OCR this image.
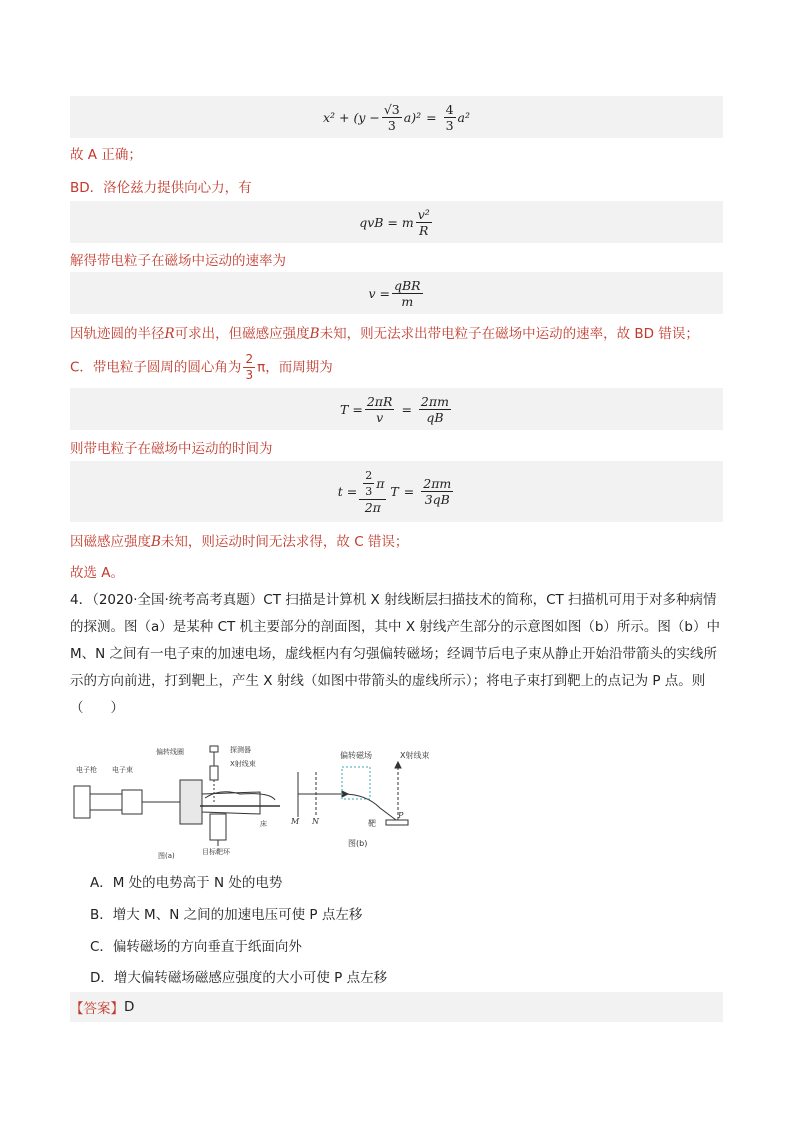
$x^2 + (y - \frac{√3}{3} a)^2 = \frac{4}{3} a^2$
故 A 正确；
BD．洛伦兹力提供向心力，有
qvB = m $\frac{\text{v²}}{R}$
解得带电粒子在磁场中运动的速率为
$v = \frac{\text{qBR}}{m}$
因轨迹圆的半径R可求出，但磁感应强度B未知，则无法求出带电粒子在磁场中运动的速率，故 BD 错误；
C．带电粒子圆周的圆心角为 $\frac{2}{3}$ π，而周期为
$T = \frac{2\pi R}{v} = \frac{2\pi m}{qB}$
则带电粒子在磁场中运动的时间为
$t = \frac{\frac{2}{3} \pi}{2\pi}$ $T = \frac{2\pi m}{3qB}$
因磁感应强度B未知，则运动时间无法求得，故 C 错误；
故选 A。
4．（2020·全国·统考高考真题）CT 扫描是计算机 X 射线断层扫描技术的简称，CT 扫描机可用于对多种病情的探测。图（a）是某种 CT 机主要部分的剖面图，其中 X 射线产生部分的示意图如图（b）所示。图（b）中 M、N 之间有一电子束的加速电场，虚线框内有匀强偏转磁场；经调节后电子束从静止开始沿带箭头的实线所示的方向前进，打到靶上，产生 X 射线（如图中带箭头的虚线所示）；将电子束打到靶上的点记为 P 点。则（　　）
电子枪 电子束
偏转线圈	探测器
X射线束
床
目标靶环
图(a)
偏转磁场	X射线束
M N	靶
P
图(b)
A．M 处的电势高于 N 处的电势
B．增大 M、N 之间的加速电压可使 P 点左移
C．偏转磁场的方向垂直于纸面向外
D．增大偏转磁场磁感应强度的大小可使 P 点左移
【答案】 D
